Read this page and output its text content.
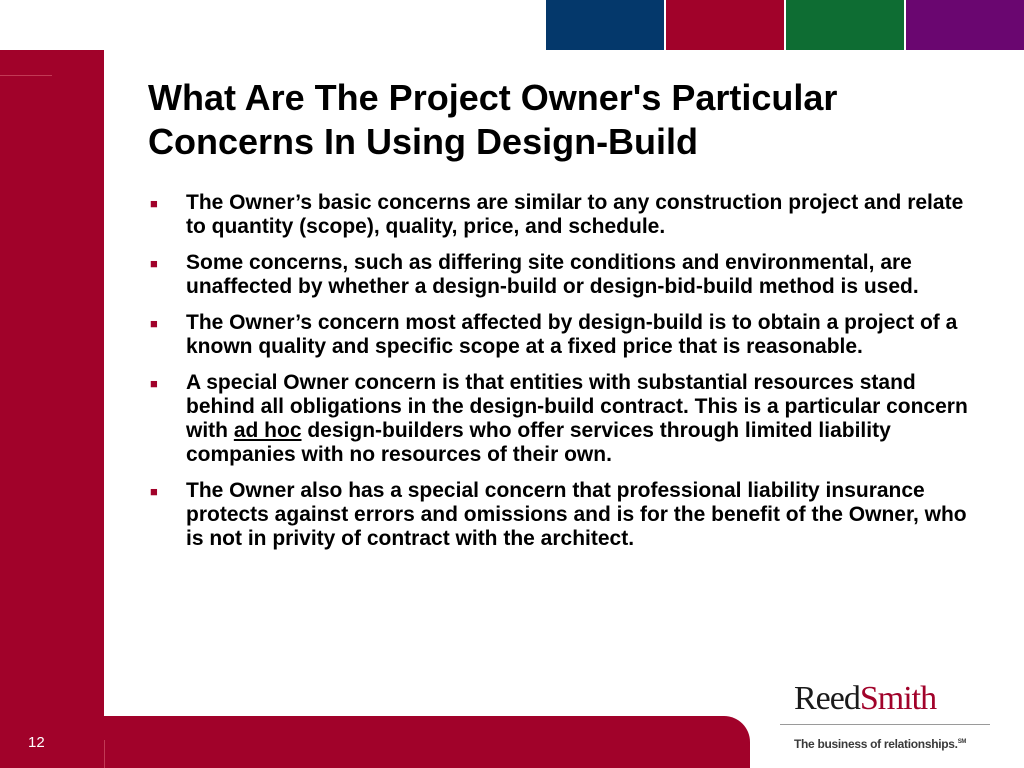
What Are The Project Owner's Particular Concerns In Using Design-Build
■ The Owner’s basic concerns are similar to any construction project and relate to quantity (scope), quality, price, and schedule.
■ Some concerns, such as differing site conditions and environmental, are unaffected by whether a design-build or design-bid-build method is used.
■ The Owner’s concern most affected by design-build is to obtain a project of a known quality and specific scope at a fixed price that is reasonable.
■ A special Owner concern is that entities with substantial resources stand behind all obligations in the design-build contract. This is a particular concern with ad hoc design-builders who offer services through limited liability companies with no resources of their own.
■ The Owner also has a special concern that professional liability insurance protects against errors and omissions and is for the benefit of the Owner, who is not in privity of contract with the architect.
12
ReedSmith
The business of relationships.℠
